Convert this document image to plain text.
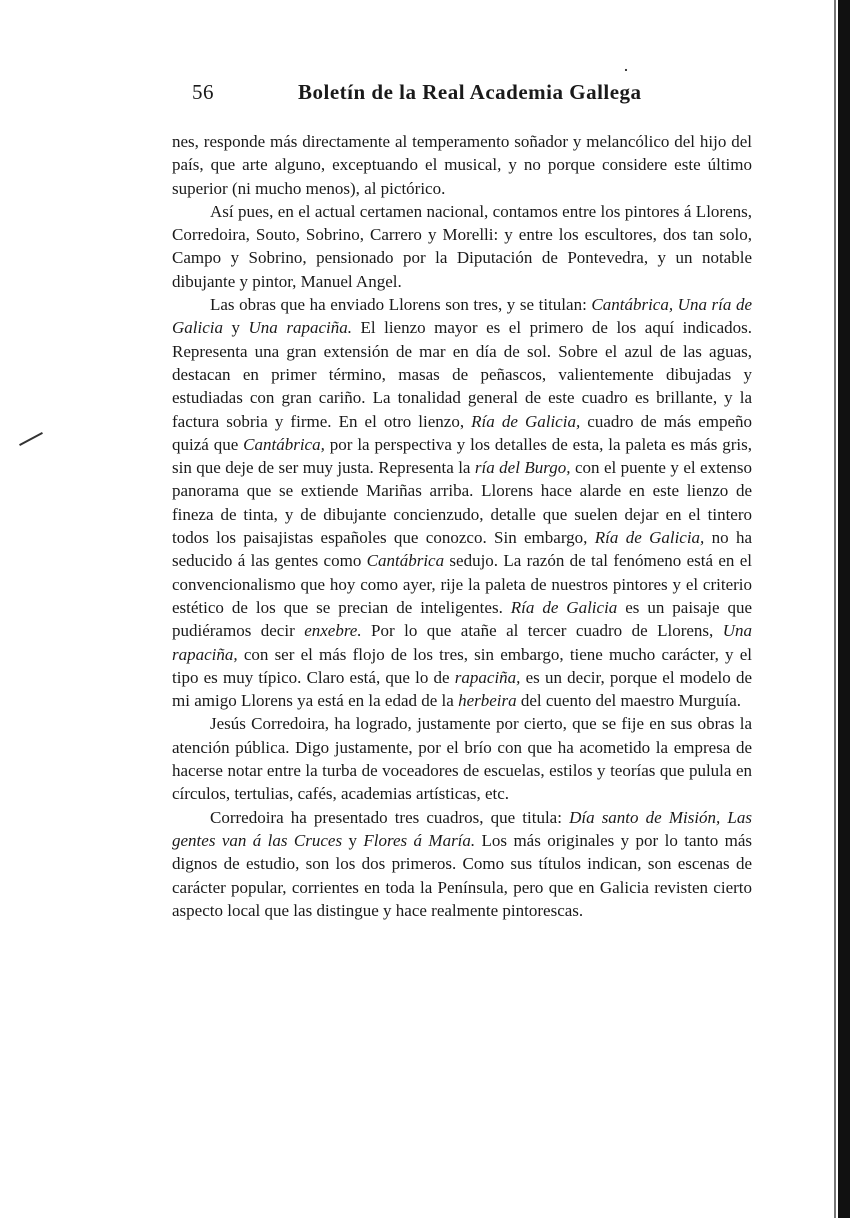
·
56	Boletín de la Real Academia Gallega

nes, responde más directamente al temperamento soñador y melancólico del hijo del país, que arte alguno, exceptuando el musical, y no porque considere este último superior (ni mucho menos), al pictórico.

Así pues, en el actual certamen nacional, contamos entre los pintores á Llorens, Corredoira, Souto, Sobrino, Carrero y Morelli: y entre los escultores, dos tan solo, Campo y Sobrino, pensionado por la Diputación de Pontevedra, y un notable dibujante y pintor, Manuel Angel.

Las obras que ha enviado Llorens son tres, y se titulan: Cantábrica, Una ría de Galicia y Una rapaciña. El lienzo mayor es el primero de los aquí indicados. Representa una gran extensión de mar en día de sol. Sobre el azul de las aguas, destacan en primer término, masas de peñascos, valientemente dibujadas y estudiadas con gran cariño. La tonalidad general de este cuadro es brillante, y la factura sobria y firme. En el otro lienzo, Ría de Galicia, cuadro de más empeño quizá que Cantábrica, por la perspectiva y los detalles de esta, la paleta es más gris, sin que deje de ser muy justa. Representa la ría del Burgo, con el puente y el extenso panorama que se extiende Mariñas arriba. Llorens hace alarde en este lienzo de fineza de tinta, y de dibujante concienzudo, detalle que suelen dejar en el tintero todos los paisajistas españoles que conozco. Sin embargo, Ría de Galicia, no ha seducido á las gentes como Cantábrica sedujo. La razón de tal fenómeno está en el convencionalismo que hoy como ayer, rije la paleta de nuestros pintores y el criterio estético de los que se precian de inteligentes. Ría de Galicia es un paisaje que pudiéramos decir enxebre. Por lo que atañe al tercer cuadro de Llorens, Una rapaciña, con ser el más flojo de los tres, sin embargo, tiene mucho carácter, y el tipo es muy típico. Claro está, que lo de rapaciña, es un decir, porque el modelo de mi amigo Llorens ya está en la edad de la herbeira del cuento del maestro Murguía.

Jesús Corredoira, ha logrado, justamente por cierto, que se fije en sus obras la atención pública. Digo justamente, por el brío con que ha acometido la empresa de hacerse notar entre la turba de voceadores de escuelas, estilos y teorías que pulula en círculos, tertulias, cafés, academias artísticas, etc.

Corredoira ha presentado tres cuadros, que titula: Día santo de Misión, Las gentes van á las Cruces y Flores á María. Los más originales y por lo tanto más dignos de estudio, son los dos primeros. Como sus títulos indican, son escenas de carácter popular, corrientes en toda la Península, pero que en Galicia revisten cierto aspecto local que las distingue y hace realmente pintorescas.
